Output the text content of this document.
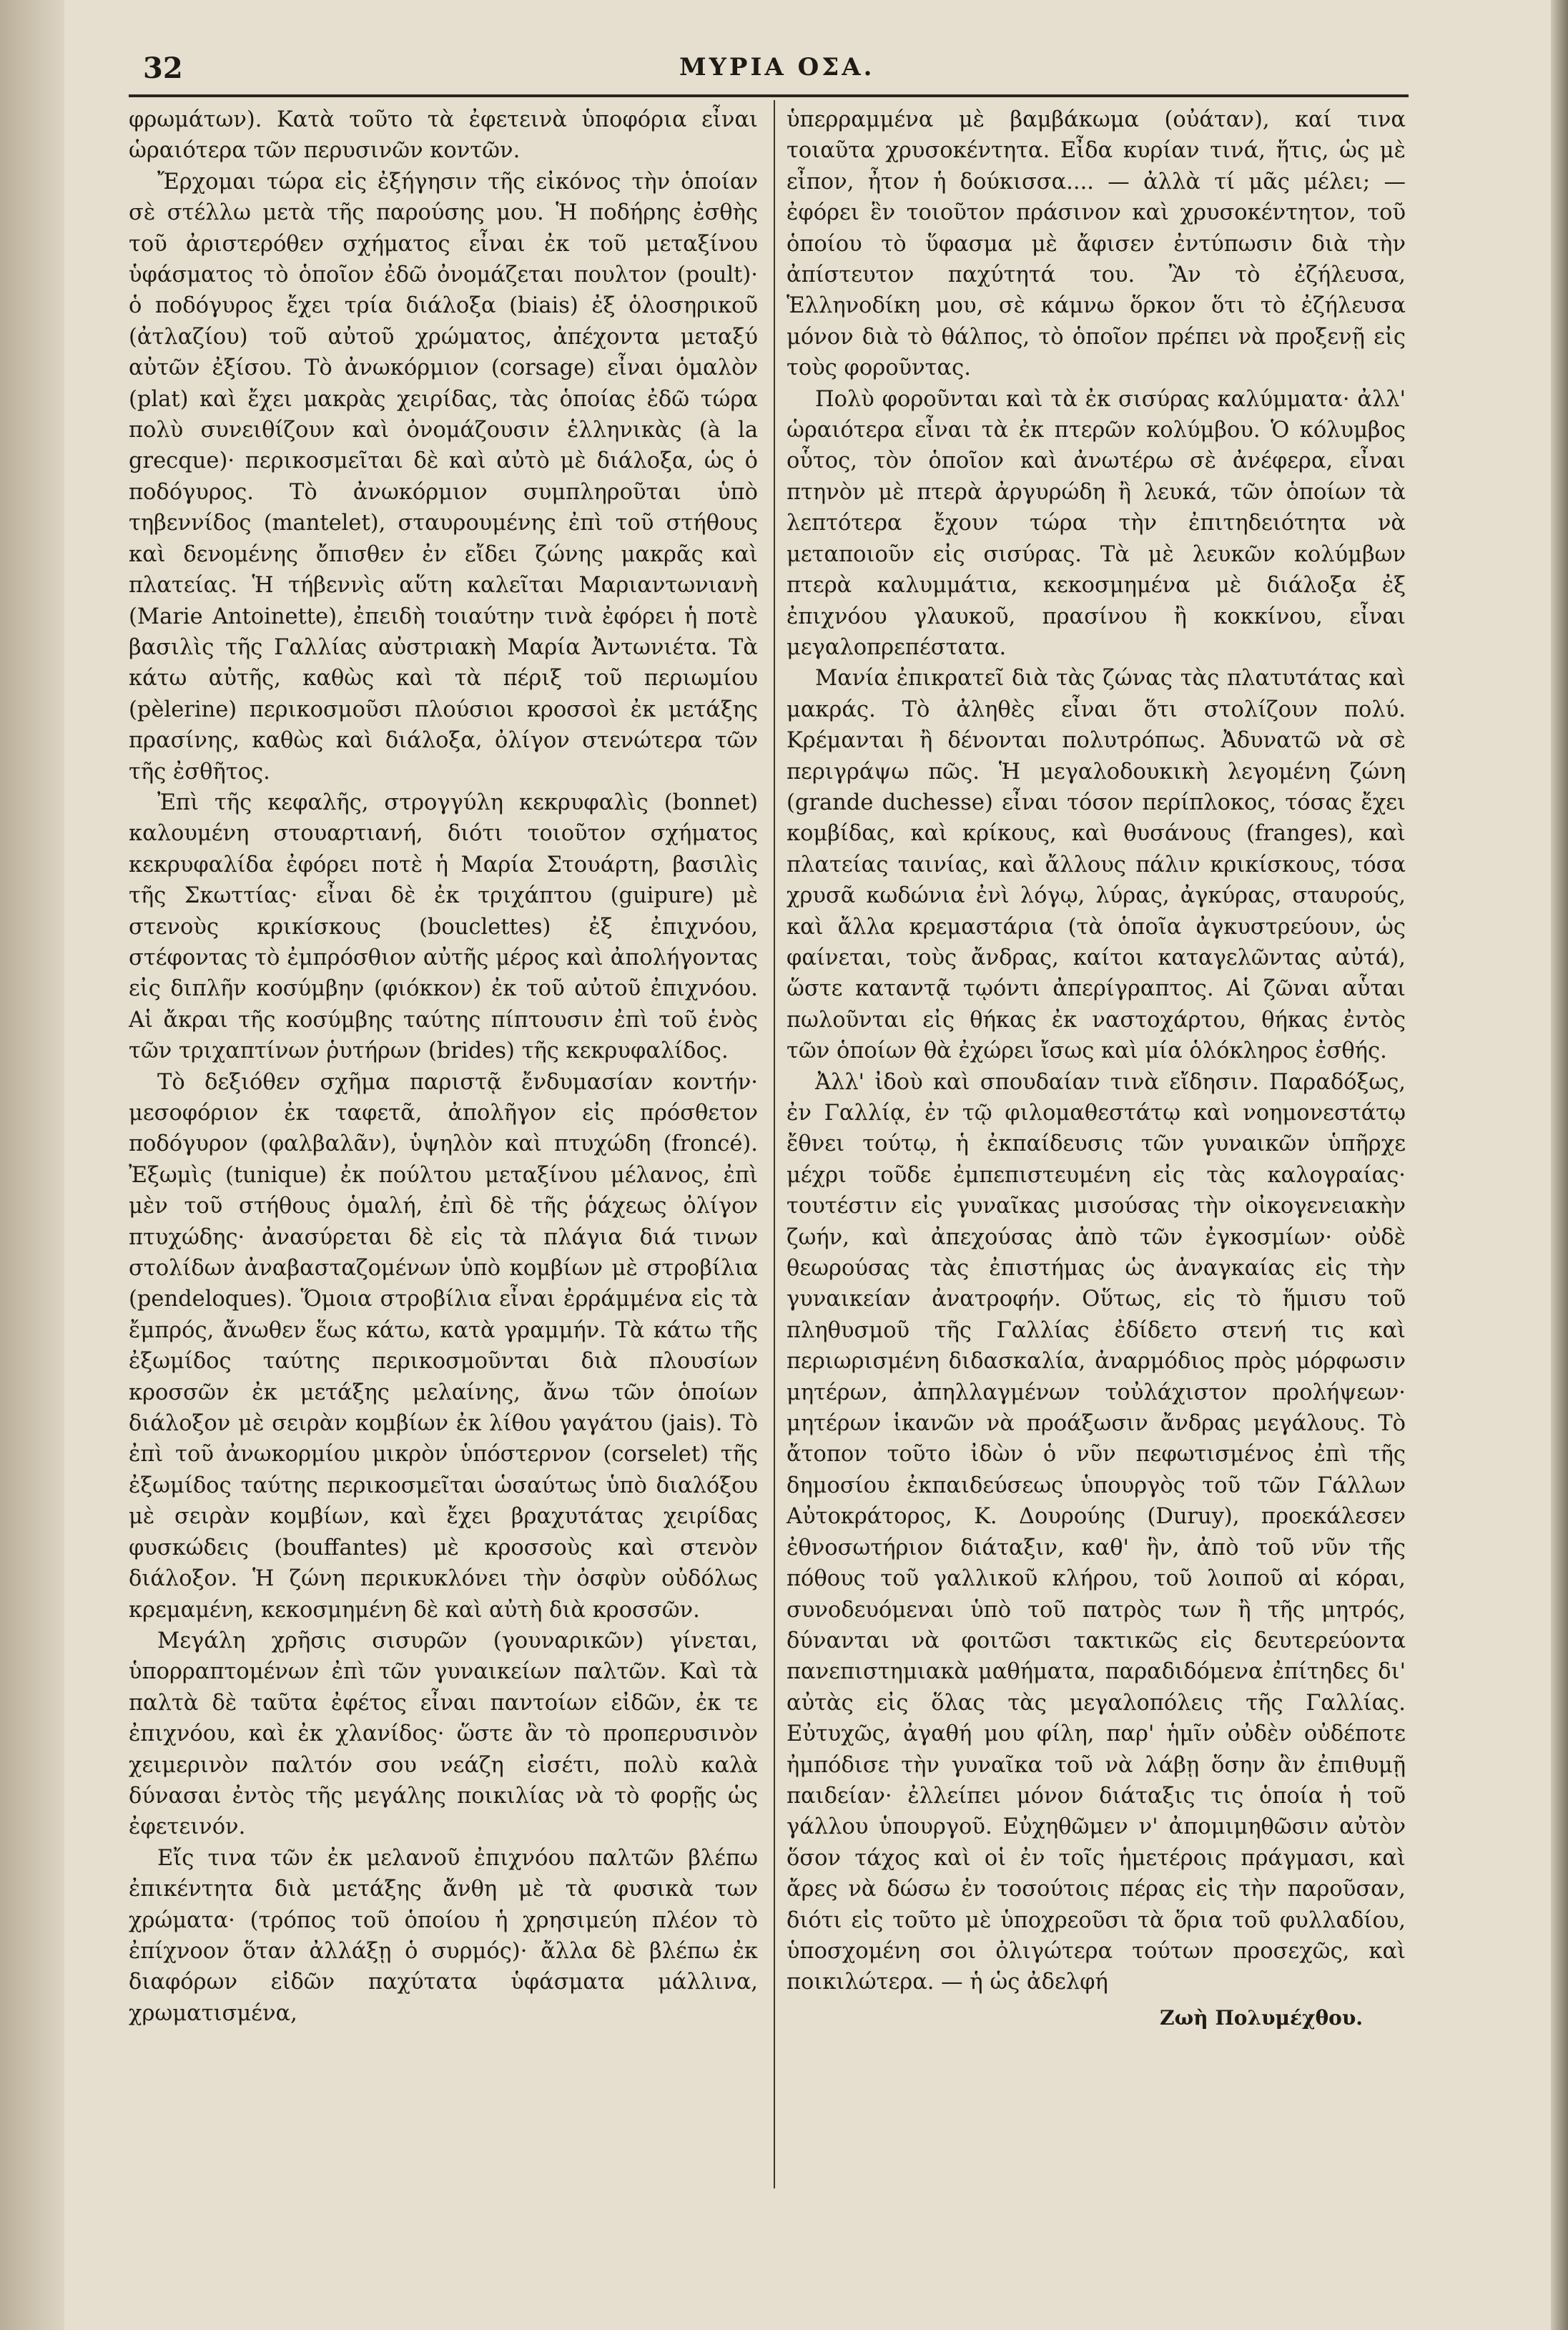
32	ΜΥΡΙΑ ΟΣΑ.

φρωμάτων). Κατὰ τοῦτο τὰ ἐφετεινὰ ὑποφόρια εἶναι ὡραιότερα τῶν περυσινῶν κοντῶν.

Ἔρχομαι τώρα εἰς ἐξήγησιν τῆς εἰκόνος τὴν ὁποίαν σὲ στέλλω μετὰ τῆς παρούσης μου. Ἡ ποδήρης ἐσθὴς τοῦ ἀριστερόθεν σχήματος εἶναι ἐκ τοῦ μεταξίνου ὑφάσματος τὸ ὁποῖον ἐδῶ ὀνομάζεται πουλτον (poult)· ὁ ποδόγυρος ἔχει τρία διάλοξα (biais) ἐξ ὁλοσηρικοῦ (ἀτλαζίου) τοῦ αὐτοῦ χρώματος, ἀπέχοντα μεταξύ αὐτῶν ἐξίσου. Τὸ ἀνωκόρμιον (corsage) εἶναι ὁμαλὸν (plat) καὶ ἔχει μακρὰς χειρίδας, τὰς ὁποίας ἐδῶ τώρα πολὺ συνειθίζουν καὶ ὀνομάζουσιν ἑλληνικὰς (à la grecque)· περικοσμεῖται δὲ καὶ αὐτὸ μὲ διάλοξα, ὡς ὁ ποδόγυρος. Τὸ ἀνωκόρμιον συμπληροῦται ὑπὸ τηβεννίδος (mantelet), σταυρουμένης ἐπὶ τοῦ στήθους καὶ δενομένης ὄπισθεν ἐν εἴδει ζώνης μακρᾶς καὶ πλατείας. Ἡ τήβεννὶς αὕτη καλεῖται Μαριαντωνιανὴ (Marie Antoinette), ἐπειδὴ τοιαύτην τινὰ ἐφόρει ἡ ποτὲ βασιλὶς τῆς Γαλλίας αὐστριακὴ Μαρία Ἀντωνιέτα. Τὰ κάτω αὐτῆς, καθὼς καὶ τὰ πέριξ τοῦ περιωμίου (pèlerine) περικοσμοῦσι πλούσιοι κροσσοὶ ἐκ μετάξης πρασίνης, καθὼς καὶ διάλοξα, ὀλίγον στενώτερα τῶν τῆς ἐσθῆτος.

Ἐπὶ τῆς κεφαλῆς, στρογγύλη κεκρυφαλὶς (bonnet) καλουμένη στουαρτιανή, διότι τοιοῦτον σχήματος κεκρυφαλίδα ἐφόρει ποτὲ ἡ Μαρία Στουάρτη, βασιλὶς τῆς Σκωττίας· εἶναι δὲ ἐκ τριχάπτου (guipure) μὲ στενοὺς κρικίσκους (bouclettes) ἐξ ἐπιχνόου, στέφοντας τὸ ἐμπρόσθιον αὐτῆς μέρος καὶ ἀπολήγοντας εἰς διπλῆν κοσύμβην (φιόκκον) ἐκ τοῦ αὐτοῦ ἐπιχνόου. Αἱ ἄκραι τῆς κοσύμβης ταύτης πίπτουσιν ἐπὶ τοῦ ἑνὸς τῶν τριχαπτίνων ῥυτήρων (brides) τῆς κεκρυφαλίδος.

Τὸ δεξιόθεν σχῆμα παριστᾷ ἔνδυμασίαν κοντήν· μεσοφόριον ἐκ ταφετᾶ, ἀπολῆγον εἰς πρόσθετον ποδόγυρον (φαλβαλᾶν), ὑψηλὸν καὶ πτυχώδη (froncé). Ἐξωμὶς (tunique) ἐκ πούλτου μεταξίνου μέλανος, ἐπὶ μὲν τοῦ στήθους ὁμαλή, ἐπὶ δὲ τῆς ῥάχεως ὀλίγον πτυχώδης· ἀνασύρεται δὲ εἰς τὰ πλάγια διά τινων στολίδων ἀναβασταζομένων ὑπὸ κομβίων μὲ στροβίλια (pendeloques). Ὅμοια στροβίλια εἶναι ἐρράμμένα εἰς τὰ ἔμπρός, ἄνωθεν ἕως κάτω, κατὰ γραμμήν. Τὰ κάτω τῆς ἐξωμίδος ταύτης περικοσμοῦνται διὰ πλουσίων κροσσῶν ἐκ μετάξης μελαίνης, ἄνω τῶν ὁποίων διάλοξον μὲ σειρὰν κομβίων ἐκ λίθου γαγάτου (jais). Τὸ ἐπὶ τοῦ ἀνωκορμίου μικρὸν ὑπόστερνον (corselet) τῆς ἐξωμίδος ταύτης περικοσμεῖται ὡσαύτως ὑπὸ διαλόξου μὲ σειρὰν κομβίων, καὶ ἔχει βραχυτάτας χειρίδας φυσκώδεις (bouffantes) μὲ κροσσοὺς καὶ στενὸν διάλοξον. Ἡ ζώνη περικυκλόνει τὴν ὀσφὺν οὐδόλως κρεμαμένη, κεκοσμημένη δὲ καὶ αὐτὴ διὰ κροσσῶν.

Μεγάλη χρῆσις σισυρῶν (γουναρικῶν) γίνεται, ὑπορραπτομένων ἐπὶ τῶν γυναικείων παλτῶν. Καὶ τὰ παλτὰ δὲ ταῦτα ἐφέτος εἶναι παντοίων εἰδῶν, ἐκ τε ἐπιχνόου, καὶ ἐκ χλανίδος· ὥστε ἂν τὸ προπερυσινὸν χειμερινὸν παλτόν σου νεάζη εἰσέτι, πολὺ καλὰ δύνασαι ἐντὸς τῆς μεγάλης ποικιλίας νὰ τὸ φορῇς ὡς ἐφετεινόν.

Εἴς τινα τῶν ἐκ μελανοῦ ἐπιχνόου παλτῶν βλέπω ἐπικέντητα διὰ μετάξης ἄνθη μὲ τὰ φυσικὰ των χρώματα· (τρόπος τοῦ ὁποίου ἡ χρησιμεύη πλέον τὸ ἐπίχνοον ὅταν ἀλλάξῃ ὁ συρμός)· ἄλλα δὲ βλέπω ἐκ διαφόρων εἰδῶν παχύτατα ὑφάσματα μάλλινα, χρωματισμένα,

ὑπερραμμένα μὲ βαμβάκωμα (οὐάταν), καί τινα τοιαῦτα χρυσοκέντητα. Εἶδα κυρίαν τινά, ἥτις, ὡς μὲ εἶπον, ἦτον ἡ δούκισσα.... — ἀλλὰ τί μᾶς μέλει; — ἐφόρει ἓν τοιοῦτον πράσινον καὶ χρυσοκέντητον, τοῦ ὁποίου τὸ ὕφασμα μὲ ἄφισεν ἐντύπωσιν διὰ τὴν ἀπίστευτον παχύτητά του. Ἂν τὸ ἐζήλευσα, Ἑλληνοδίκη μου, σὲ κάμνω ὅρκον ὅτι τὸ ἐζήλευσα μόνον διὰ τὸ θάλπος, τὸ ὁποῖον πρέπει νὰ προξενῇ εἰς τοὺς φοροῦντας.

Πολὺ φοροῦνται καὶ τὰ ἐκ σισύρας καλύμματα· ἀλλ' ὡραιότερα εἶναι τὰ ἐκ πτερῶν κολύμβου. Ὁ κόλυμβος οὗτος, τὸν ὁποῖον καὶ ἀνωτέρω σὲ ἀνέφερα, εἶναι πτηνὸν μὲ πτερὰ ἀργυρώδη ἢ λευκά, τῶν ὁποίων τὰ λεπτότερα ἔχουν τώρα τὴν ἐπιτηδειότητα νὰ μεταποιοῦν εἰς σισύρας. Τὰ μὲ λευκῶν κολύμβων πτερὰ καλυμμάτια, κεκοσμημένα μὲ διάλοξα ἐξ ἐπιχνόου γλαυκοῦ, πρασίνου ἢ κοκκίνου, εἶναι μεγαλοπρεπέστατα.

Μανία ἐπικρατεῖ διὰ τὰς ζώνας τὰς πλατυτάτας καὶ μακράς. Τὸ ἀληθὲς εἶναι ὅτι στολίζουν πολύ. Κρέμανται ἢ δένονται πολυτρόπως. Ἀδυνατῶ νὰ σὲ περιγράψω πῶς. Ἡ μεγαλοδουκικὴ λεγομένη ζώνη (grande duchesse) εἶναι τόσον περίπλοκος, τόσας ἔχει κομβίδας, καὶ κρίκους, καὶ θυσάνους (franges), καὶ πλατείας ταινίας, καὶ ἄλλους πάλιν κρικίσκους, τόσα χρυσᾶ κωδώνια ἐνὶ λόγῳ, λύρας, ἀγκύρας, σταυρούς, καὶ ἄλλα κρεμαστάρια (τὰ ὁποῖα ἀγκυστρεύουν, ὡς φαίνεται, τοὺς ἄνδρας, καίτοι καταγελῶντας αὐτά), ὥστε καταντᾷ τῳόντι ἀπερίγραπτος. Αἱ ζῶναι αὗται πωλοῦνται εἰς θήκας ἐκ ναστοχάρτου, θήκας ἐντὸς τῶν ὁποίων θὰ ἐχώρει ἴσως καὶ μία ὁλόκληρος ἐσθής.

Ἀλλ' ἰδοὺ καὶ σπουδαίαν τινὰ εἴδησιν. Παραδόξως, ἐν Γαλλίᾳ, ἐν τῷ φιλομαθεστάτῳ καὶ νοημονεστάτῳ ἔθνει τούτῳ, ἡ ἐκπαίδευσις τῶν γυναικῶν ὑπῆρχε μέχρι τοῦδε ἐμπεπιστευμένη εἰς τὰς καλογραίας· τουτέστιν εἰς γυναῖκας μισούσας τὴν οἰκογενειακὴν ζωήν, καὶ ἀπεχούσας ἀπὸ τῶν ἐγκοσμίων· οὐδὲ θεωρούσας τὰς ἐπιστήμας ὡς ἀναγκαίας εἰς τὴν γυναικείαν ἀνατροφήν. Οὕτως, εἰς τὸ ἥμισυ τοῦ πληθυσμοῦ τῆς Γαλλίας ἐδίδετο στενή τις καὶ περιωρισμένη διδασκαλία, ἀναρμόδιος πρὸς μόρφωσιν μητέρων, ἀπηλλαγμένων τοὐλάχιστον προλήψεων· μητέρων ἱκανῶν νὰ προάξωσιν ἄνδρας μεγάλους. Τὸ ἄτοπον τοῦτο ἰδὼν ὁ νῦν πεφωτισμένος ἐπὶ τῆς δημοσίου ἐκπαιδεύσεως ὑπουργὸς τοῦ τῶν Γάλλων Αὐτοκράτορος, Κ. Δουρούης (Duruy), προεκάλεσεν ἐθνοσωτήριον διάταξιν, καθ' ἣν, ἀπὸ τοῦ νῦν τῆς πόθους τοῦ γαλλικοῦ κλήρου, τοῦ λοιποῦ αἱ κόραι, συνοδευόμεναι ὑπὸ τοῦ πατρὸς των ἢ τῆς μητρός, δύνανται νὰ φοιτῶσι τακτικῶς εἰς δευτερεύοντα πανεπιστημιακὰ μαθήματα, παραδιδόμενα ἐπίτηδες δι' αὐτὰς εἰς ὅλας τὰς μεγαλοπόλεις τῆς Γαλλίας. Εὐτυχῶς, ἀγαθή μου φίλη, παρ' ἡμῖν οὐδὲν οὐδέποτε ἠμπόδισε τὴν γυναῖκα τοῦ νὰ λάβῃ ὅσην ἂν ἐπιθυμῇ παιδείαν· ἐλλείπει μόνον διάταξις τις ὁποία ἡ τοῦ γάλλου ὑπουργοῦ. Εὐχηθῶμεν ν' ἀπομιμηθῶσιν αὐτὸν ὅσον τάχος καὶ οἱ ἐν τοῖς ἡμετέροις πράγμασι, καὶ ἄρες νὰ δώσω ἐν τοσούτοις πέρας εἰς τὴν παροῦσαν, διότι εἰς τοῦτο μὲ ὑποχρεοῦσι τὰ ὅρια τοῦ φυλλαδίου, ὑποσχομένη σοι ὀλιγώτερα τούτων προσεχῶς, καὶ ποικιλώτερα. — ἡ ὡς ἀδελφή

Ζωὴ Πολυμέχθου.
